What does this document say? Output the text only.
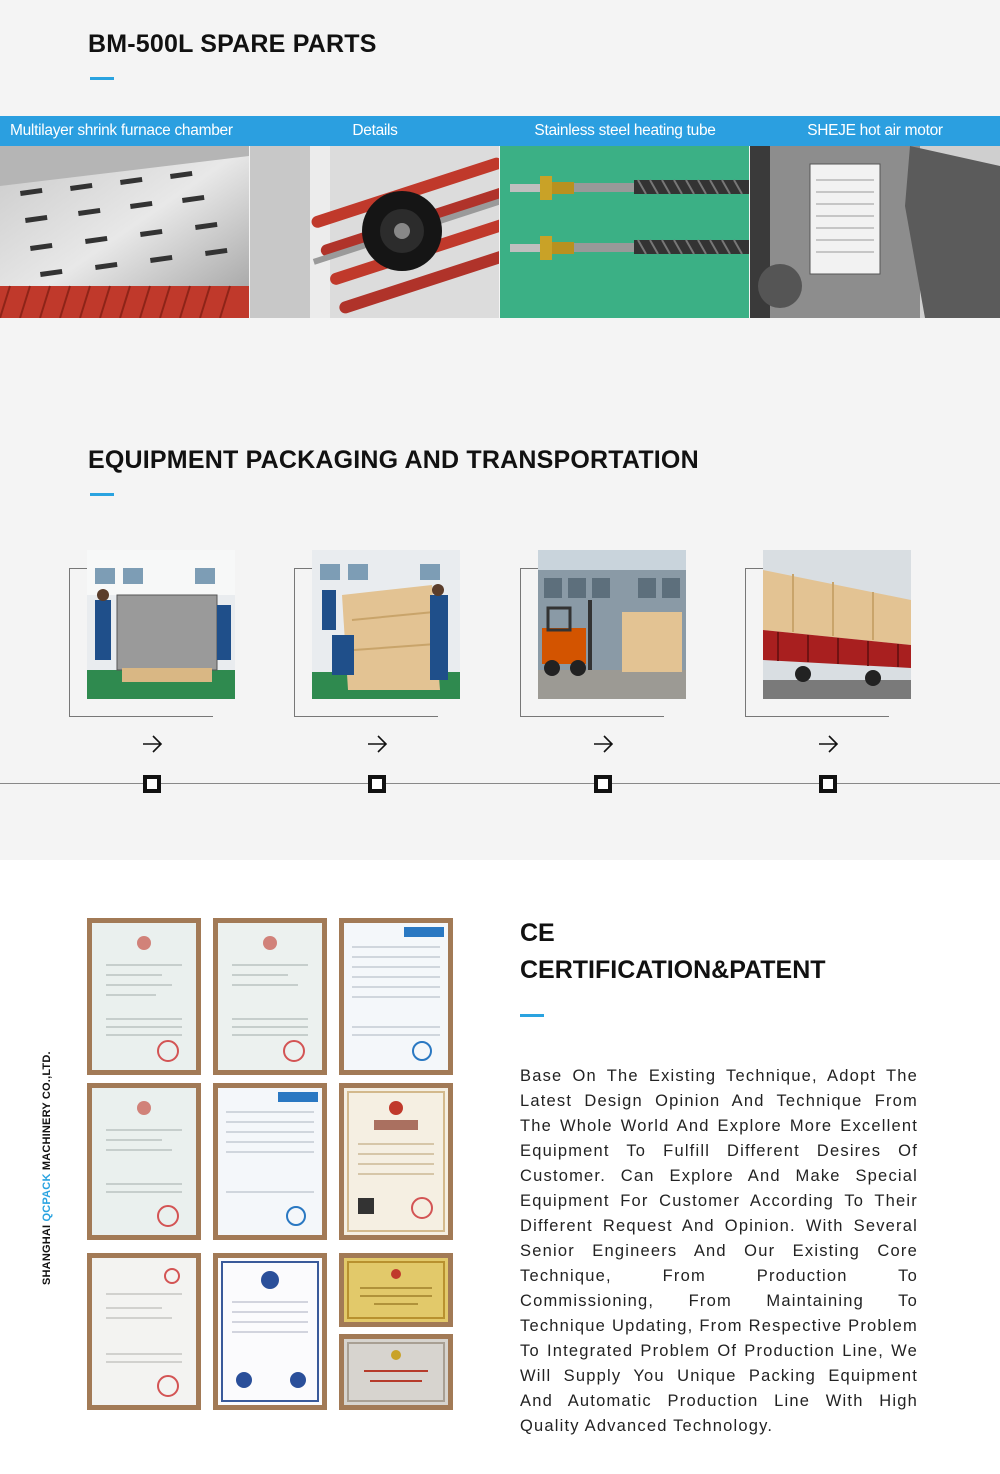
BM-500L SPARE PARTS
Multilayer shrink furnace chamber	Details	Stainless steel heating tube	SHEJE hot air motor
EQUIPMENT PACKAGING AND TRANSPORTATION
SHANGHAI QCPACK MACHINERY CO.,LTD.
CE
CERTIFICATION&PATENT

Base On The Existing Technique, Adopt The Latest Design Opinion And Technique From The Whole World And Explore More Excellent Equipment To Fulfill Different Desires Of Customer. Can Explore And Make Special Equipment For Customer According To Their Different Request And Opinion. With Several Senior Engineers And Our Existing Core Technique, From Production To Commissioning, From Maintaining To Technique Updating, From Respective Problem To Integrated Problem Of Production Line, We Will Supply You Unique Packing Equipment And Automatic Production Line With High Quality Advanced Technology.
